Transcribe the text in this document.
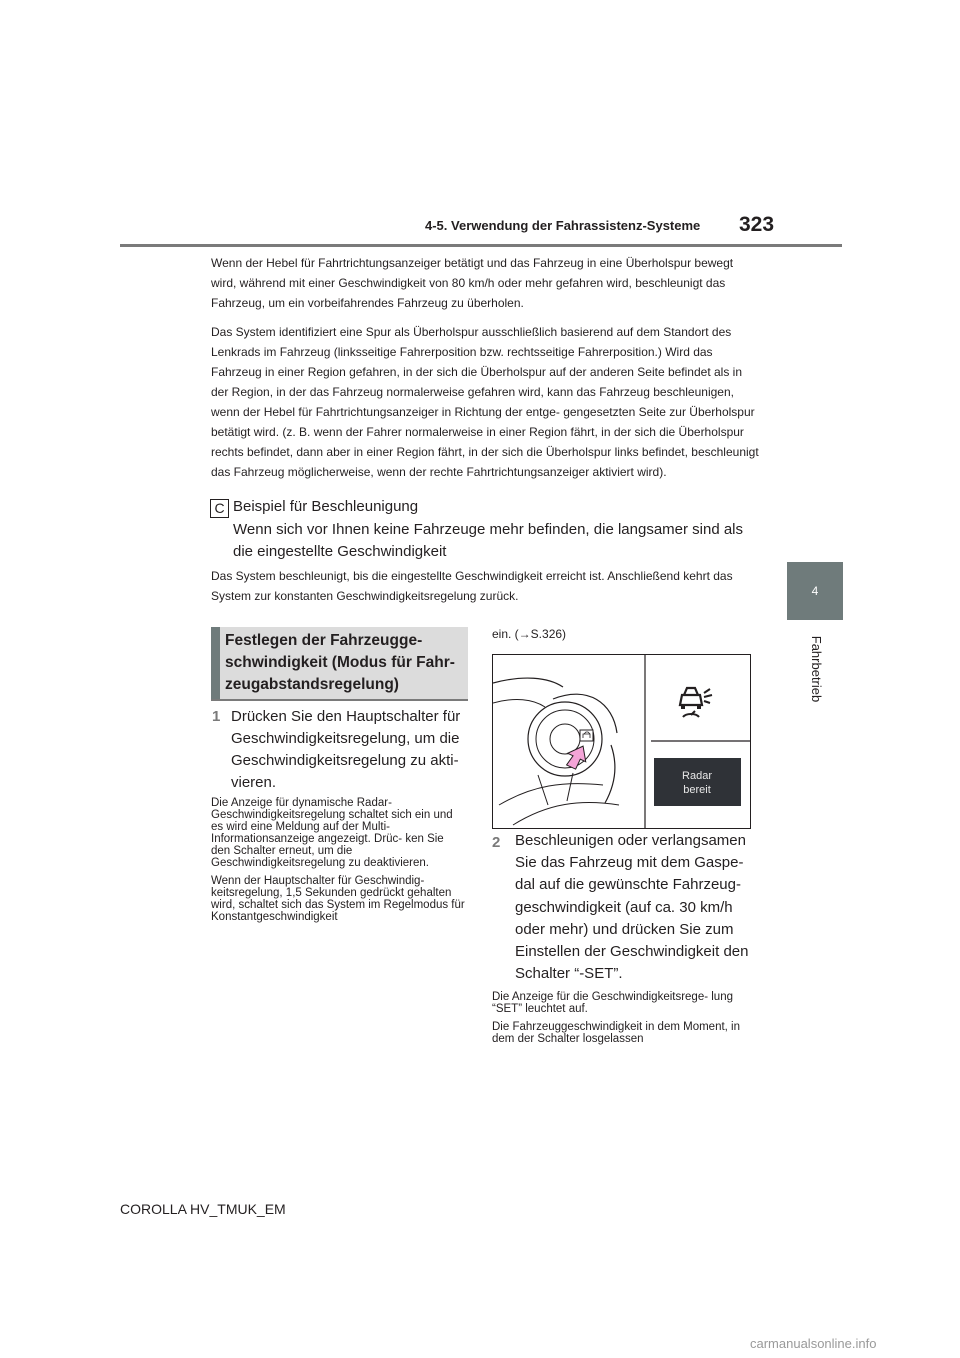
4-5. Verwendung der Fahrassistenz-Systeme 323
4
Fahrbetrieb

Wenn der Hebel für Fahrtrichtungsanzeiger betätigt und das Fahrzeug in eine Überholspur bewegt wird, während mit einer Geschwindigkeit von 80 km/h oder mehr gefahren wird, beschleunigt das Fahrzeug, um ein vorbeifahrendes Fahrzeug zu überholen.

Das System identifiziert eine Spur als Überholspur ausschließlich basierend auf dem Standort des Lenkrads im Fahrzeug (linksseitige Fahrerposition bzw. rechtsseitige Fahrerposition.) Wird das Fahrzeug in einer Region gefahren, in der sich die Überholspur auf der anderen Seite befindet als in der Region, in der das Fahrzeug normalerweise gefahren wird, kann das Fahrzeug beschleunigen, wenn der Hebel für Fahrtrichtungsanzeiger in Richtung der entge- gengesetzten Seite zur Überholspur betätigt wird. (z. B. wenn der Fahrer normalerweise in einer Region fährt, in der sich die Überholspur rechts befindet, dann aber in einer Region fährt, in der sich die Überholspur links befindet, beschleunigt das Fahrzeug möglicherweise, wenn der rechte Fahrtrichtungsanzeiger aktiviert wird).

C Beispiel für Beschleunigung
Wenn sich vor Ihnen keine Fahrzeuge mehr befinden, die langsamer sind als die eingestellte Geschwindigkeit

Das System beschleunigt, bis die eingestellte Geschwindigkeit erreicht ist. Anschließend kehrt das System zur konstanten Geschwindigkeitsregelung zurück.

Festlegen der Fahrzeugge- schwindigkeit (Modus für Fahr- zeugabstandsregelung)
1 Drücken Sie den Hauptschalter für Geschwindigkeitsregelung, um die Geschwindigkeitsregelung zu akti- vieren.

Die Anzeige für dynamische Radar-Geschwindigkeitsregelung schaltet sich ein und es wird eine Meldung auf der Multi-Informationsanzeige angezeigt. Drüc- ken Sie den Schalter erneut, um die Geschwindigkeitsregelung zu deaktivieren.

Wenn der Hauptschalter für Geschwindig- keitsregelung, 1,5 Sekunden gedrückt gehalten wird, schaltet sich das System im Regelmodus für Konstantgeschwindigkeit

ein. (→S.326)
Radar
bereit
2 Beschleunigen oder verlangsamen Sie das Fahrzeug mit dem Gaspe- dal auf die gewünschte Fahrzeug- geschwindigkeit (auf ca. 30 km/h oder mehr) und drücken Sie zum Einstellen der Geschwindigkeit den Schalter “-SET”.

Die Anzeige für die Geschwindigkeitsrege- lung “SET” leuchtet auf.

Die Fahrzeuggeschwindigkeit in dem Moment, in dem der Schalter losgelassen

COROLLA HV_TMUK_EM
carmanualsonline.info
